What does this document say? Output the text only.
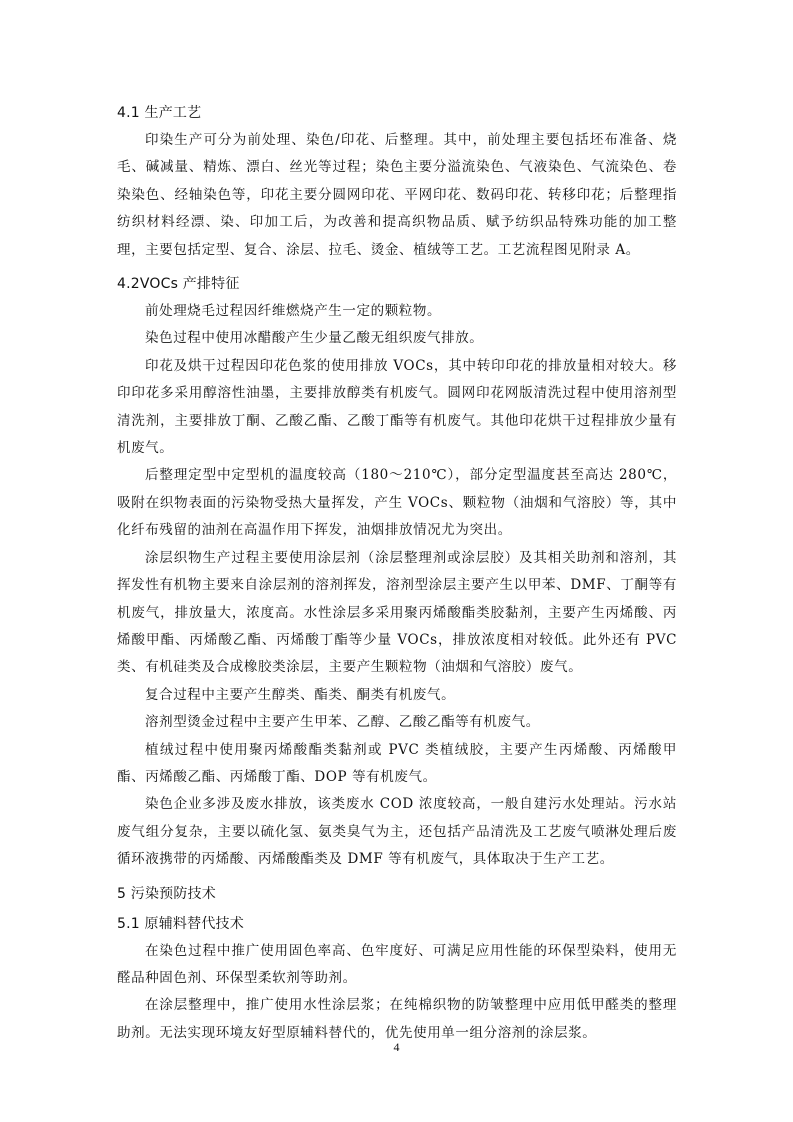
4.1 生产工艺

印染生产可分为前处理、染色/印花、后整理。其中，前处理主要包括坯布准备、烧毛、碱减量、精炼、漂白、丝光等过程；染色主要分溢流染色、气液染色、气流染色、卷染染色、经轴染色等，印花主要分圆网印花、平网印花、数码印花、转移印花；后整理指纺织材料经漂、染、印加工后，为改善和提高织物品质、赋予纺织品特殊功能的加工整理，主要包括定型、复合、涂层、拉毛、烫金、植绒等工艺。工艺流程图见附录 A。

4.2VOCs 产排特征

前处理烧毛过程因纤维燃烧产生一定的颗粒物。

染色过程中使用冰醋酸产生少量乙酸无组织废气排放。

印花及烘干过程因印花色浆的使用排放 VOCs，其中转印印花的排放量相对较大。移印印花多采用醇溶性油墨，主要排放醇类有机废气。圆网印花网版清洗过程中使用溶剂型清洗剂，主要排放丁酮、乙酸乙酯、乙酸丁酯等有机废气。其他印花烘干过程排放少量有机废气。

后整理定型中定型机的温度较高（180～210℃），部分定型温度甚至高达 280℃，吸附在织物表面的污染物受热大量挥发，产生 VOCs、颗粒物（油烟和气溶胶）等，其中化纤布残留的油剂在高温作用下挥发，油烟排放情况尤为突出。

涂层织物生产过程主要使用涂层剂（涂层整理剂或涂层胶）及其相关助剂和溶剂，其挥发性有机物主要来自涂层剂的溶剂挥发，溶剂型涂层主要产生以甲苯、DMF、丁酮等有机废气，排放量大，浓度高。水性涂层多采用聚丙烯酸酯类胶黏剂，主要产生丙烯酸、丙烯酸甲酯、丙烯酸乙酯、丙烯酸丁酯等少量 VOCs，排放浓度相对较低。此外还有 PVC 类、有机硅类及合成橡胶类涂层，主要产生颗粒物（油烟和气溶胶）废气。

复合过程中主要产生醇类、酯类、酮类有机废气。

溶剂型烫金过程中主要产生甲苯、乙醇、乙酸乙酯等有机废气。

植绒过程中使用聚丙烯酸酯类黏剂或 PVC 类植绒胶，主要产生丙烯酸、丙烯酸甲酯、丙烯酸乙酯、丙烯酸丁酯、DOP 等有机废气。

染色企业多涉及废水排放，该类废水 COD 浓度较高，一般自建污水处理站。污水站废气组分复杂，主要以硫化氢、氨类臭气为主，还包括产品清洗及工艺废气喷淋处理后废循环液携带的丙烯酸、丙烯酸酯类及 DMF 等有机废气，具体取决于生产工艺。

5 污染预防技术
5.1 原辅料替代技术

在染色过程中推广使用固色率高、色牢度好、可满足应用性能的环保型染料，使用无醛品种固色剂、环保型柔软剂等助剂。

在涂层整理中，推广使用水性涂层浆；在纯棉织物的防皱整理中应用低甲醛类的整理助剂。无法实现环境友好型原辅料替代的，优先使用单一组分溶剂的涂层浆。

4
